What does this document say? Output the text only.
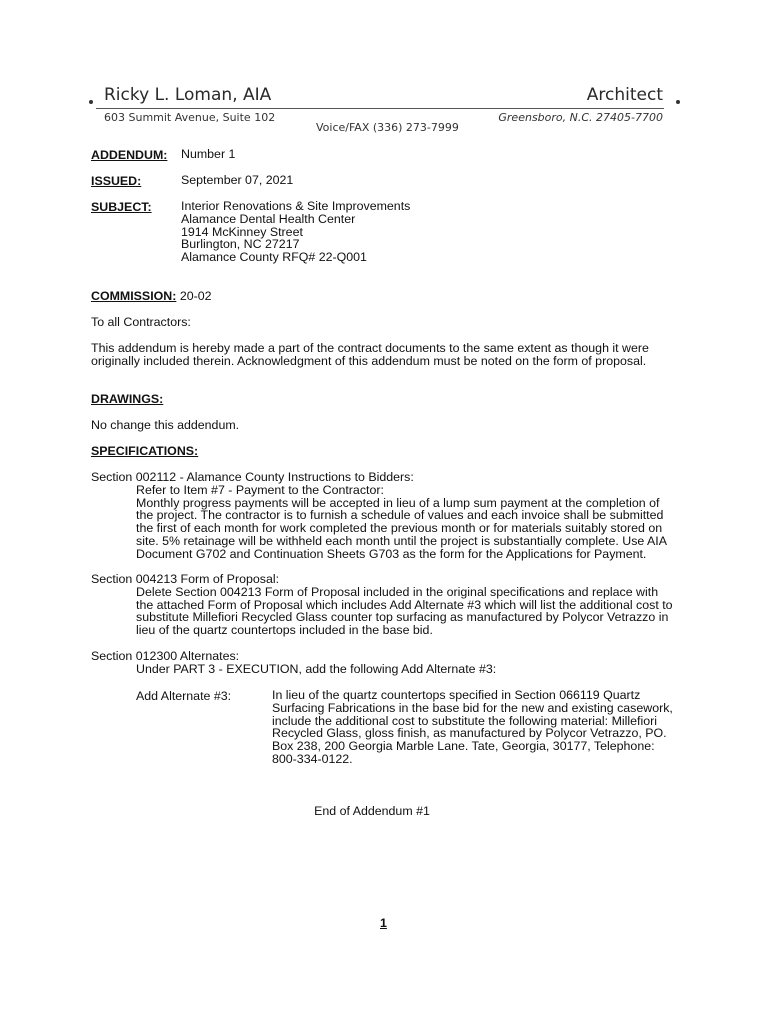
Ricky L. Loman, AIA	Architect
603 Summit Avenue, Suite 102	Greensboro, N.C. 27405-7700
Voice/FAX (336) 273-7999
ADDENDUM: Number 1
ISSUED:	September 07, 2021
SUBJECT: Interior Renovations & Site Improvements
Alamance Dental Health Center
1914 McKinney Street
Burlington, NC 27217
Alamance County RFQ# 22-Q001
COMMISSION: 20-02
To all Contractors:
This addendum is hereby made a part of the contract documents to the same extent as though it were
originally included therein. Acknowledgment of this addendum must be noted on the form of proposal.
DRAWINGS:
No change this addendum.
SPECIFICATIONS:
Section 002112 - Alamance County Instructions to Bidders:
Refer to Item #7 - Payment to the Contractor:
Monthly progress payments will be accepted in lieu of a lump sum payment at the completion of
the project. The contractor is to furnish a schedule of values and each invoice shall be submitted
the first of each month for work completed the previous month or for materials suitably stored on
site. 5% retainage will be withheld each month until the project is substantially complete. Use AIA
Document G702 and Continuation Sheets G703 as the form for the Applications for Payment.
Section 004213 Form of Proposal:
Delete Section 004213 Form of Proposal included in the original specifications and replace with
the attached Form of Proposal which includes Add Alternate #3 which will list the additional cost to
substitute Millefiori Recycled Glass counter top surfacing as manufactured by Polycor Vetrazzo in
lieu of the quartz countertops included in the base bid.
Section 012300 Alternates:
Under PART 3 - EXECUTION, add the following Add Alternate #3:
Add Alternate #3:	In lieu of the quartz countertops specified in Section 066119 Quartz
Surfacing Fabrications in the base bid for the new and existing casework,
include the additional cost to substitute the following material: Millefiori
Recycled Glass, gloss finish, as manufactured by Polycor Vetrazzo, PO.
Box 238, 200 Georgia Marble Lane. Tate, Georgia, 30177, Telephone:
800-334-0122.
End of Addendum #1
1
